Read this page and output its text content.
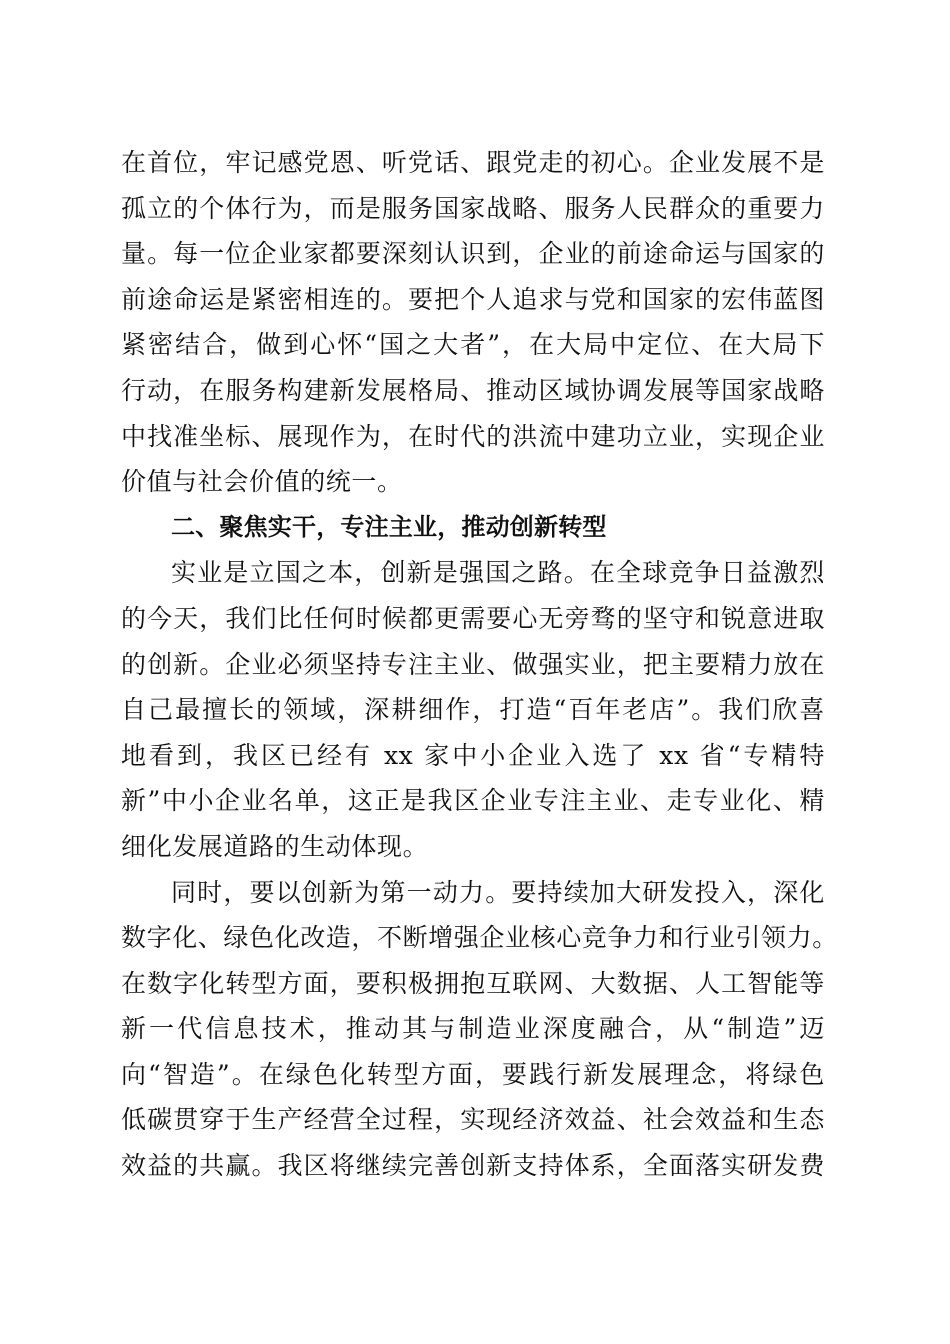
在首位，牢记感党恩、听党话、跟党走的初心。企业发展不是
孤立的个体行为，而是服务国家战略、服务人民群众的重要力
量。每一位企业家都要深刻认识到，企业的前途命运与国家的
前途命运是紧密相连的。要把个人追求与党和国家的宏伟蓝图
紧密结合，做到心怀“国之大者”，在大局中定位、在大局下
行动，在服务构建新发展格局、推动区域协调发展等国家战略
中找准坐标、展现作为，在时代的洪流中建功立业，实现企业
价值与社会价值的统一。
二、聚焦实干，专注主业，推动创新转型
实业是立国之本，创新是强国之路。在全球竞争日益激烈
的今天，我们比任何时候都更需要心无旁骛的坚守和锐意进取
的创新。企业必须坚持专注主业、做强实业，把主要精力放在
自己最擅长的领域，深耕细作，打造“百年老店”。我们欣喜
地看到，我区已经有 xx 家中小企业入选了 xx 省“专精特
新”中小企业名单，这正是我区企业专注主业、走专业化、精
细化发展道路的生动体现。
同时，要以创新为第一动力。要持续加大研发投入，深化
数字化、绿色化改造，不断增强企业核心竞争力和行业引领力。
在数字化转型方面，要积极拥抱互联网、大数据、人工智能等
新一代信息技术，推动其与制造业深度融合，从“制造”迈
向“智造”。在绿色化转型方面，要践行新发展理念，将绿色
低碳贯穿于生产经营全过程，实现经济效益、社会效益和生态
效益的共赢。我区将继续完善创新支持体系，全面落实研发费
